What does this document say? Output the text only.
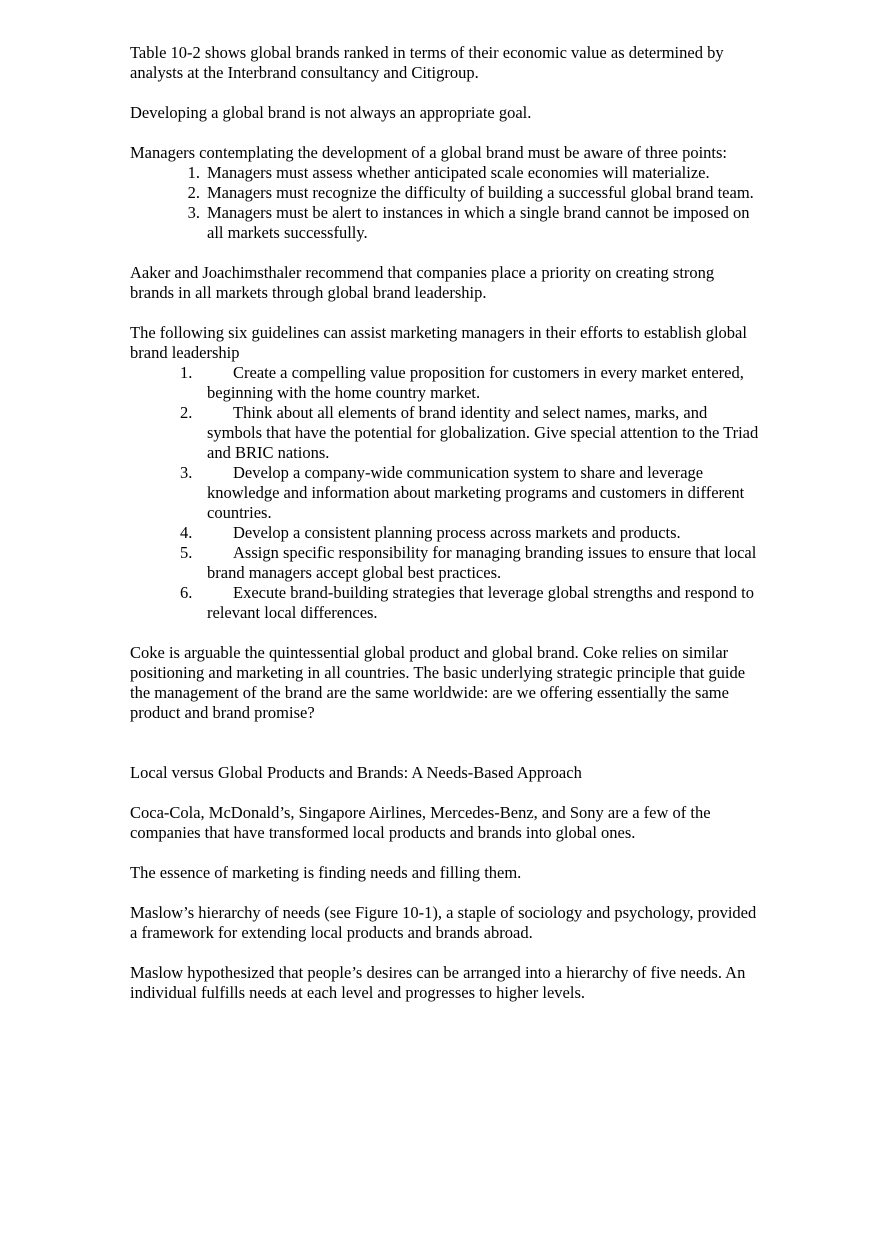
Table 10-2 shows global brands ranked in terms of their economic value as determined by analysts at the Interbrand consultancy and Citigroup.

Developing a global brand is not always an appropriate goal.

Managers contemplating the development of a global brand must be aware of three points:

1. Managers must assess whether anticipated scale economies will materialize.
2. Managers must recognize the difficulty of building a successful global brand team.
3. Managers must be alert to instances in which a single brand cannot be imposed on all markets successfully.

Aaker and Joachimsthaler recommend that companies place a priority on creating strong brands in all markets through global brand leadership.

The following six guidelines can assist marketing managers in their efforts to establish global brand leadership

1. Create a compelling value proposition for customers in every market entered, beginning with the home country market.
2. Think about all elements of brand identity and select names, marks, and symbols that have the potential for globalization. Give special attention to the Triad and BRIC nations.
3. Develop a company-wide communication system to share and leverage knowledge and information about marketing programs and customers in different countries.
4. Develop a consistent planning process across markets and products.
5. Assign specific responsibility for managing branding issues to ensure that local brand managers accept global best practices.
6. Execute brand-building strategies that leverage global strengths and respond to relevant local differences.

Coke is arguable the quintessential global product and global brand. Coke relies on similar positioning and marketing in all countries. The basic underlying strategic principle that guide the management of the brand are the same worldwide: are we offering essentially the same product and brand promise?

Local versus Global Products and Brands: A Needs-Based Approach

Coca-Cola, McDonald’s, Singapore Airlines, Mercedes-Benz, and Sony are a few of the companies that have transformed local products and brands into global ones.

The essence of marketing is finding needs and filling them.

Maslow’s hierarchy of needs (see Figure 10-1), a staple of sociology and psychology, provided a framework for extending local products and brands abroad.

Maslow hypothesized that people’s desires can be arranged into a hierarchy of five needs. An individual fulfills needs at each level and progresses to higher levels.
